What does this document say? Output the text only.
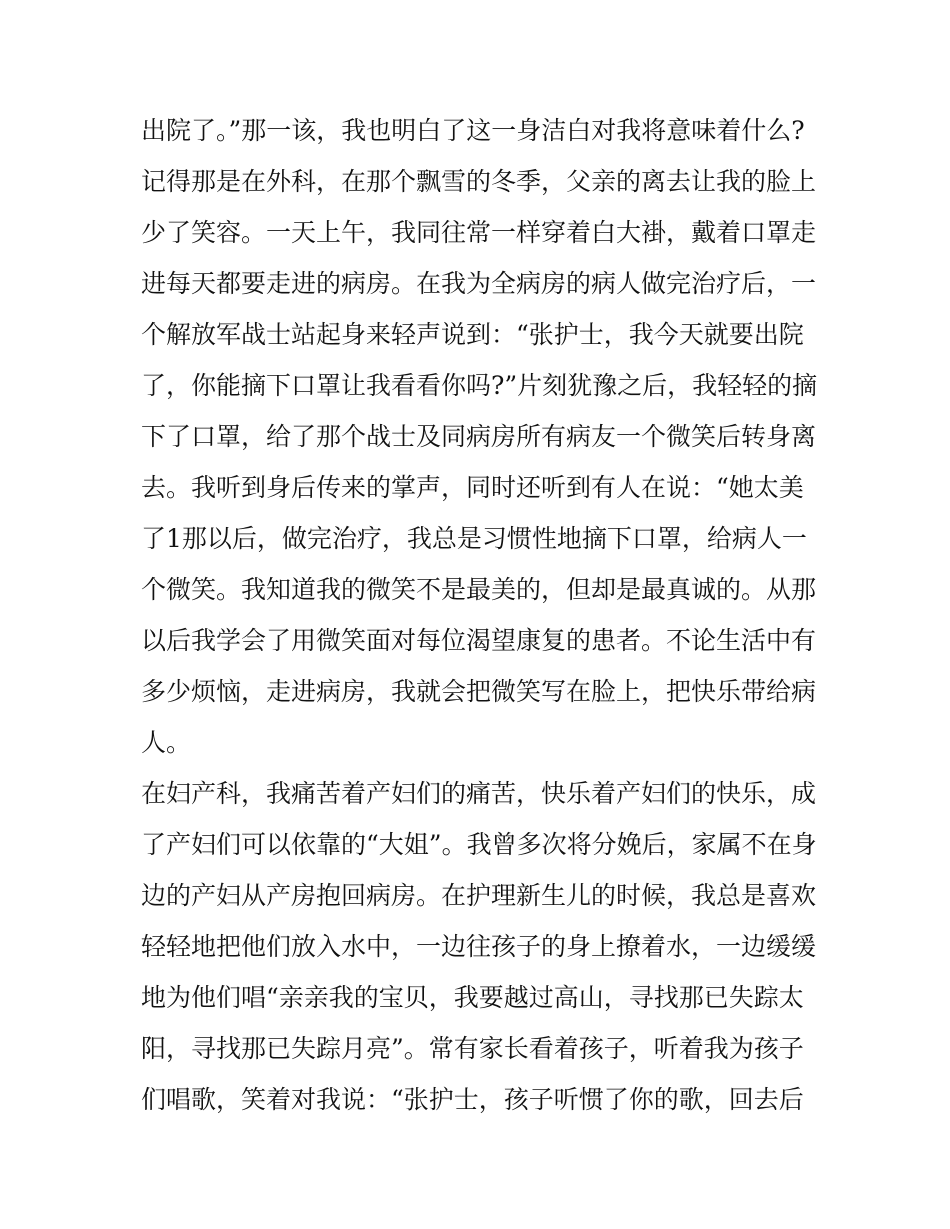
出院了。”那一该，我也明白了这一身洁白对我将意味着什么?
记得那是在外科，在那个飘雪的冬季，父亲的离去让我的脸上
少了笑容。一天上午，我同往常一样穿着白大褂，戴着口罩走
进每天都要走进的病房。在我为全病房的病人做完治疗后，一
个解放军战士站起身来轻声说到：“张护士，我今天就要出院
了，你能摘下口罩让我看看你吗?”片刻犹豫之后，我轻轻的摘
下了口罩，给了那个战士及同病房所有病友一个微笑后转身离
去。我听到身后传来的掌声，同时还听到有人在说：“她太美
了1那以后，做完治疗，我总是习惯性地摘下口罩，给病人一
个微笑。我知道我的微笑不是最美的，但却是最真诚的。从那
以后我学会了用微笑面对每位渴望康复的患者。不论生活中有
多少烦恼，走进病房，我就会把微笑写在脸上，把快乐带给病
人。
在妇产科，我痛苦着产妇们的痛苦，快乐着产妇们的快乐，成
了产妇们可以依靠的“大姐”。我曾多次将分娩后，家属不在身
边的产妇从产房抱回病房。在护理新生儿的时候，我总是喜欢
轻轻地把他们放入水中，一边往孩子的身上撩着水，一边缓缓
地为他们唱“亲亲我的宝贝，我要越过高山，寻找那已失踪太
阳，寻找那已失踪月亮”。常有家长看着孩子，听着我为孩子
们唱歌，笑着对我说：“张护士，孩子听惯了你的歌，回去后
